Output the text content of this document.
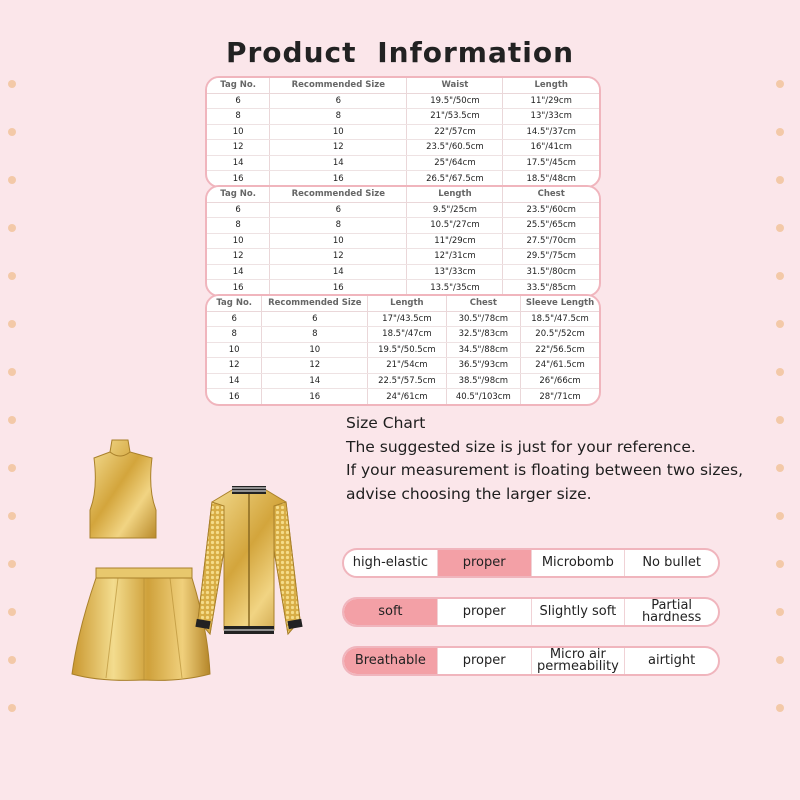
Product Information
Tag No.	Recommended Size	Waist	Length
6	6	19.5"/50cm	11"/29cm
8	8	21"/53.5cm	13"/33cm
10	10	22"/57cm	14.5"/37cm
12	12	23.5"/60.5cm	16"/41cm
14	14	25"/64cm	17.5"/45cm
16	16	26.5"/67.5cm	18.5"/48cm
Tag No.	Recommended Size	Length	Chest
6	6	9.5"/25cm	23.5"/60cm
8	8	10.5"/27cm	25.5"/65cm
10	10	11"/29cm	27.5"/70cm
12	12	12"/31cm	29.5"/75cm
14	14	13"/33cm	31.5"/80cm
16	16	13.5"/35cm	33.5"/85cm
Tag No.	Recommended Size	Length	Chest	Sleeve Length
6	6	17"/43.5cm	30.5"/78cm	18.5"/47.5cm
8	8	18.5"/47cm	32.5"/83cm	20.5"/52cm
10	10	19.5"/50.5cm	34.5"/88cm	22"/56.5cm
12	12	21"/54cm	36.5"/93cm	24"/61.5cm
14	14	22.5"/57.5cm	38.5"/98cm	26"/66cm
16	16	24"/61cm	40.5"/103cm	28"/71cm
Size Chart
The suggested size is just for your reference.
If your measurement is floating between two sizes,
advise choosing the larger size.
high-elastic	proper	Microbomb	No bullet
soft	proper	Slightly soft	Partial hardness
Breathable	proper	Micro air permeability	airtight
